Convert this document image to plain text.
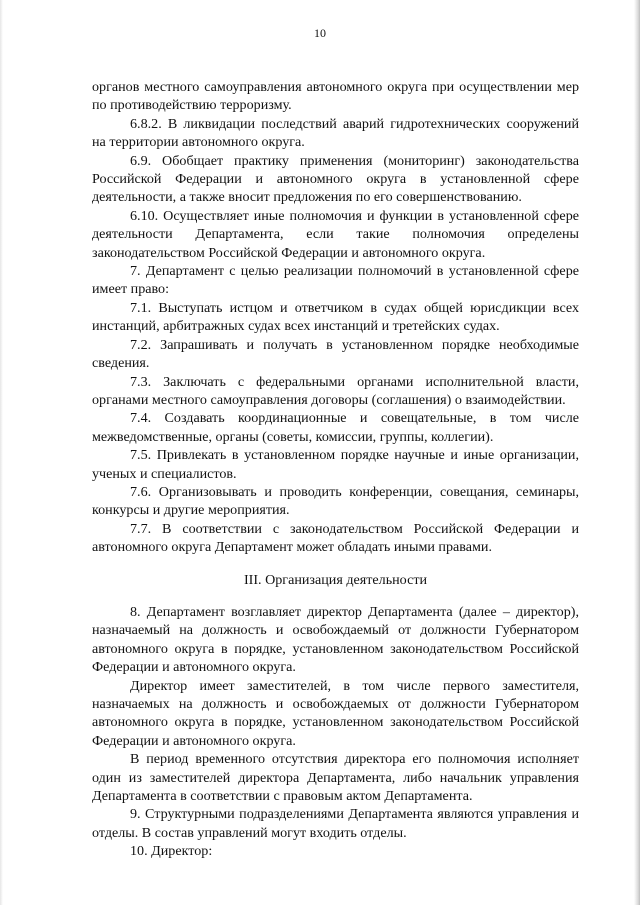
10

органов местного самоуправления автономного округа при осуществлении мер по противодействию терроризму.

6.8.2. В ликвидации последствий аварий гидротехнических сооружений на территории автономного округа.

6.9. Обобщает практику применения (мониторинг) законодательства Российской Федерации и автономного округа в установленной сфере деятельности, а также вносит предложения по его совершенствованию.

6.10. Осуществляет иные полномочия и функции в установленной сфере деятельности Департамента, если такие полномочия определены законодательством Российской Федерации и автономного округа.

7. Департамент с целью реализации полномочий в установленной сфере имеет право:

7.1. Выступать истцом и ответчиком в судах общей юрисдикции всех инстанций, арбитражных судах всех инстанций и третейских судах.

7.2. Запрашивать и получать в установленном порядке необходимые сведения.

7.3. Заключать с федеральными органами исполнительной власти, органами местного самоуправления договоры (соглашения) о взаимодействии.

7.4. Создавать координационные и совещательные, в том числе межведомственные, органы (советы, комиссии, группы, коллегии).

7.5. Привлекать в установленном порядке научные и иные организации, ученых и специалистов.

7.6. Организовывать и проводить конференции, совещания, семинары, конкурсы и другие мероприятия.

7.7. В соответствии с законодательством Российской Федерации и автономного округа Департамент может обладать иными правами.

III. Организация деятельности

8. Департамент возглавляет директор Департамента (далее – директор), назначаемый на должность и освобождаемый от должности Губернатором автономного округа в порядке, установленном законодательством Российской Федерации и автономного округа.

Директор имеет заместителей, в том числе первого заместителя, назначаемых на должность и освобождаемых от должности Губернатором автономного округа в порядке, установленном законодательством Российской Федерации и автономного округа.

В период временного отсутствия директора его полномочия исполняет один из заместителей директора Департамента, либо начальник управления Департамента в соответствии с правовым актом Департамента.

9. Структурными подразделениями Департамента являются управления и отделы. В состав управлений могут входить отделы.

10. Директор:
